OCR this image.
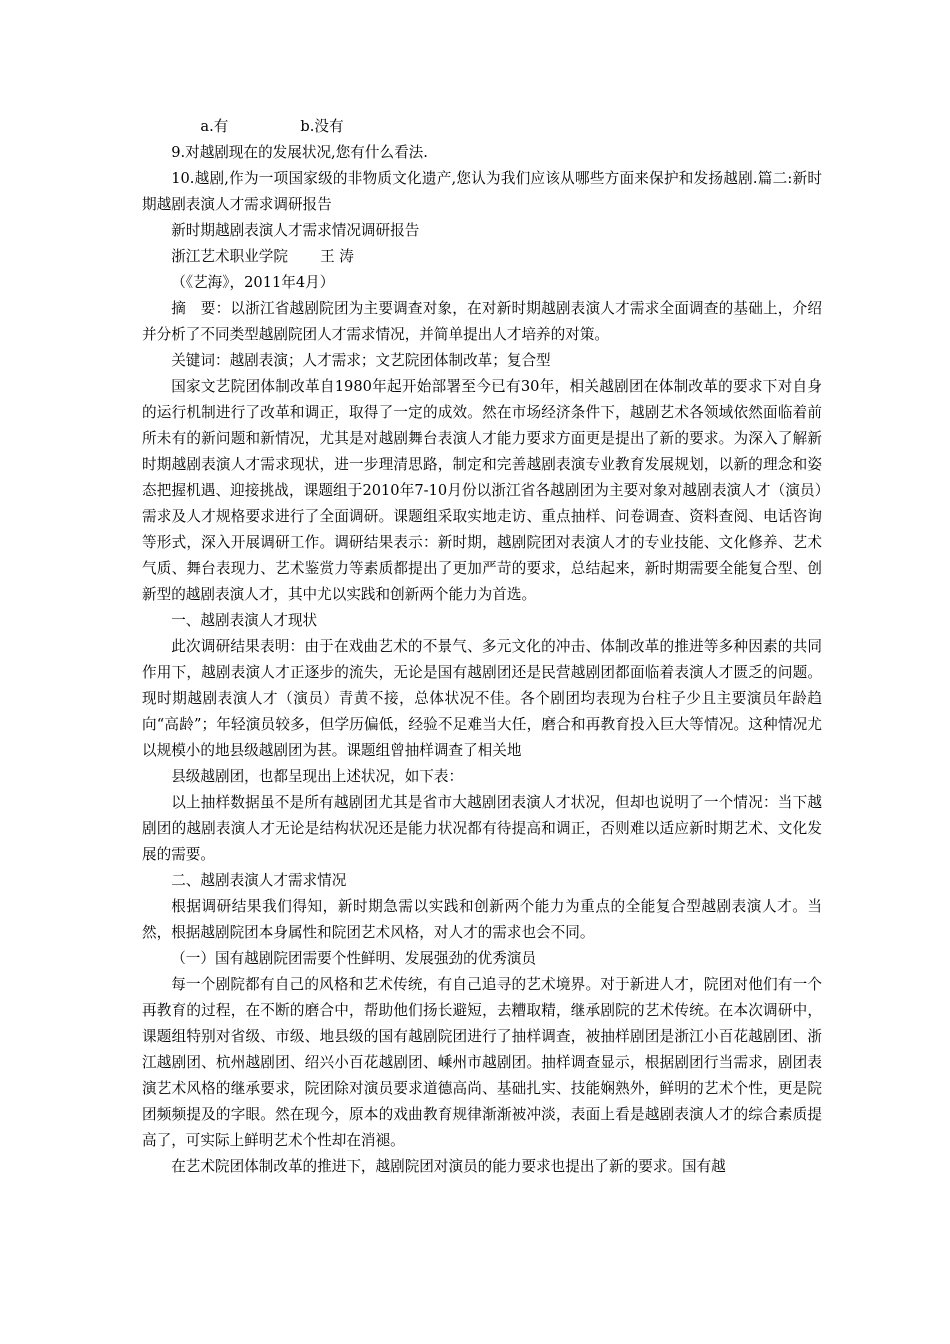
a.有	b.没有

9.对越剧现在的发展状况,您有什么看法.

10.越剧,作为一项国家级的非物质文化遗产,您认为我们应该从哪些方面来保护和发扬越剧.篇二:新时期越剧表演人才需求调研报告

新时期越剧表演人才需求情况调研报告

浙江艺术职业学院 王 涛

（《艺海》，2011年4月）

摘　要：以浙江省越剧院团为主要调查对象，在对新时期越剧表演人才需求全面调查的基础上，介绍并分析了不同类型越剧院团人才需求情况，并简单提出人才培养的对策。

关键词：越剧表演；人才需求；文艺院团体制改革；复合型

国家文艺院团体制改革自1980年起开始部署至今已有30年，相关越剧团在体制改革的要求下对自身的运行机制进行了改革和调正，取得了一定的成效。然在市场经济条件下，越剧艺术各领域依然面临着前所未有的新问题和新情况，尤其是对越剧舞台表演人才能力要求方面更是提出了新的要求。为深入了解新时期越剧表演人才需求现状，进一步理清思路，制定和完善越剧表演专业教育发展规划，以新的理念和姿态把握机遇、迎接挑战，课题组于2010年7-10月份以浙江省各越剧团为主要对象对越剧表演人才（演员）需求及人才规格要求进行了全面调研。课题组采取实地走访、重点抽样、问卷调查、资料查阅、电话咨询等形式，深入开展调研工作。调研结果表示：新时期，越剧院团对表演人才的专业技能、文化修养、艺术气质、舞台表现力、艺术鉴赏力等素质都提出了更加严苛的要求，总结起来，新时期需要全能复合型、创新型的越剧表演人才，其中尤以实践和创新两个能力为首选。

一、越剧表演人才现状

此次调研结果表明：由于在戏曲艺术的不景气、多元文化的冲击、体制改革的推进等多种因素的共同作用下，越剧表演人才正逐步的流失，无论是国有越剧团还是民营越剧团都面临着表演人才匮乏的问题。现时期越剧表演人才（演员）青黄不接，总体状况不佳。各个剧团均表现为台柱子少且主要演员年龄趋向“高龄”；年轻演员较多，但学历偏低，经验不足难当大任，磨合和再教育投入巨大等情况。这种情况尤以规模小的地县级越剧团为甚。课题组曾抽样调查了相关地

县级越剧团，也都呈现出上述状况，如下表：

以上抽样数据虽不是所有越剧团尤其是省市大越剧团表演人才状况，但却也说明了一个情况：当下越剧团的越剧表演人才无论是结构状况还是能力状况都有待提高和调正，否则难以适应新时期艺术、文化发展的需要。

二、越剧表演人才需求情况

根据调研结果我们得知，新时期急需以实践和创新两个能力为重点的全能复合型越剧表演人才。当然，根据越剧院团本身属性和院团艺术风格，对人才的需求也会不同。

（一）国有越剧院团需要个性鲜明、发展强劲的优秀演员

每一个剧院都有自己的风格和艺术传统，有自己追寻的艺术境界。对于新进人才，院团对他们有一个再教育的过程，在不断的磨合中，帮助他们扬长避短，去糟取精，继承剧院的艺术传统。在本次调研中，课题组特别对省级、市级、地县级的国有越剧院团进行了抽样调查，被抽样剧团是浙江小百花越剧团、浙江越剧团、杭州越剧团、绍兴小百花越剧团、嵊州市越剧团。抽样调查显示，根据剧团行当需求，剧团表演艺术风格的继承要求，院团除对演员要求道德高尚、基础扎实、技能娴熟外，鲜明的艺术个性，更是院团频频提及的字眼。然在现今，原本的戏曲教育规律渐渐被冲淡，表面上看是越剧表演人才的综合素质提高了，可实际上鲜明艺术个性却在消褪。

在艺术院团体制改革的推进下，越剧院团对演员的能力要求也提出了新的要求。国有越
